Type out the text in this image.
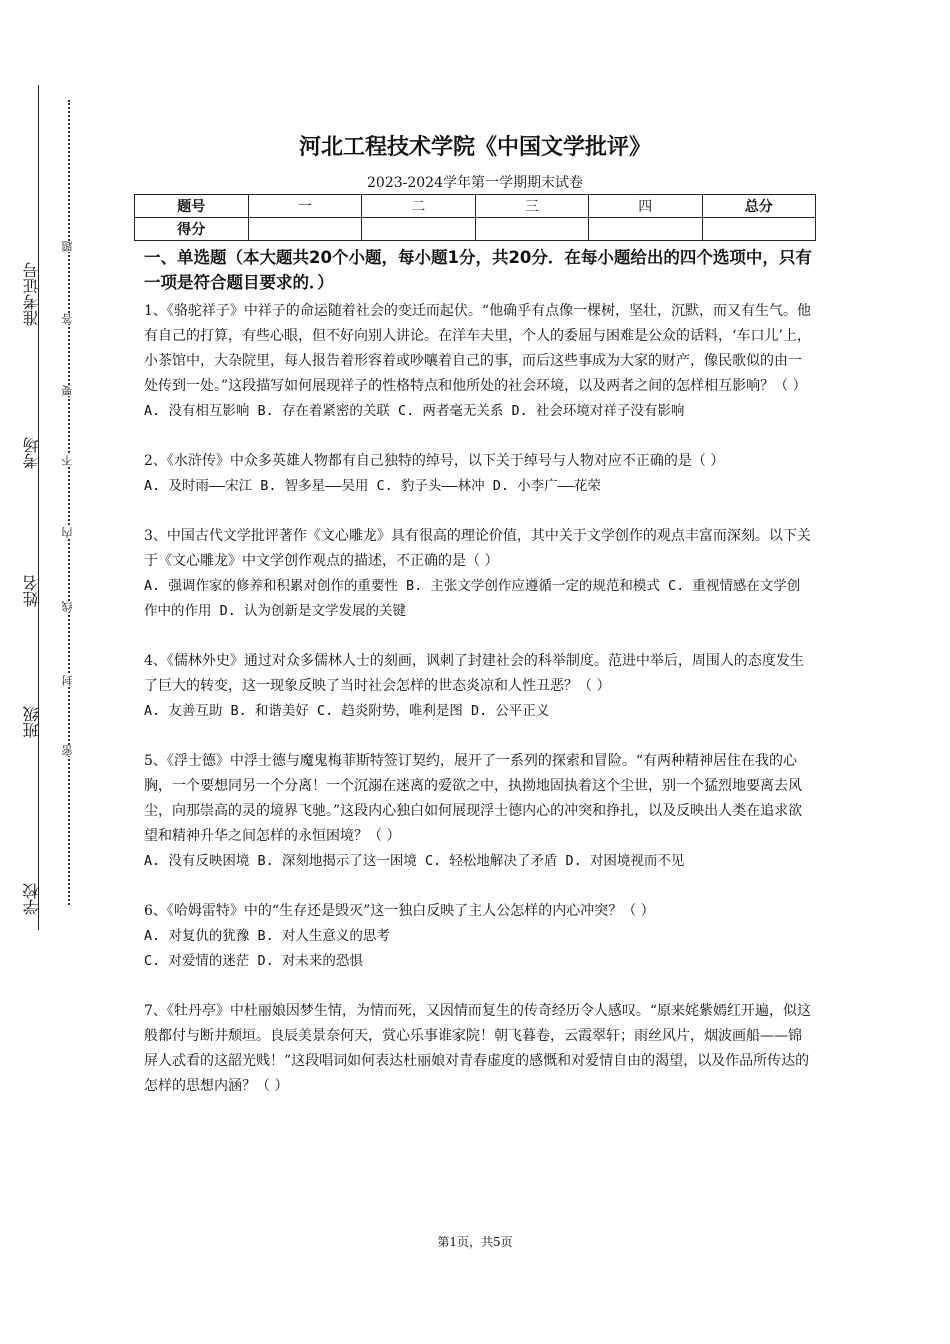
学校
班级
姓名
考场
准考证号
密
封
线
内
不
要
答
题
河北工程技术学院《中国文学批评》
2023-2024学年第一学期期末试卷
题号	一	二	三	四	总分
得分					
一、单选题（本大题共20个小题，每小题1分，共20分．在每小题给出的四个选项中，只有一项是符合题目要求的．）
1、《骆驼祥子》中祥子的命运随着社会的变迁而起伏。“他确乎有点像一棵树，坚壮，沉默，而又有生气。他有自己的打算，有些心眼，但不好向别人讲论。在洋车夫里，个人的委屈与困难是公众的话料，‘车口儿’上，小茶馆中，大杂院里，每人报告着形容着或吵嚷着自己的事，而后这些事成为大家的财产，像民歌似的由一处传到一处。”这段描写如何展现祥子的性格特点和他所处的社会环境，以及两者之间的怎样相互影响？（ ）
A. 没有相互影响 B. 存在着紧密的关联 C. 两者毫无关系 D. 社会环境对祥子没有影响
2、《水浒传》中众多英雄人物都有自己独特的绰号，以下关于绰号与人物对应不正确的是（ ）
A. 及时雨——宋江 B. 智多星——吴用 C. 豹子头——林冲 D. 小李广——花荣
3、中国古代文学批评著作《文心雕龙》具有很高的理论价值，其中关于文学创作的观点丰富而深刻。以下关于《文心雕龙》中文学创作观点的描述，不正确的是（ ）
A. 强调作家的修养和积累对创作的重要性 B. 主张文学创作应遵循一定的规范和模式 C. 重视情感在文学创作中的作用 D. 认为创新是文学发展的关键
4、《儒林外史》通过对众多儒林人士的刻画，讽刺了封建社会的科举制度。范进中举后，周围人的态度发生了巨大的转变，这一现象反映了当时社会怎样的世态炎凉和人性丑恶？（ ）
A. 友善互助 B. 和谐美好 C. 趋炎附势，唯利是图 D. 公平正义
5、《浮士德》中浮士德与魔鬼梅菲斯特签订契约，展开了一系列的探索和冒险。“有两种精神居住在我的心胸，一个要想同另一个分离！一个沉溺在迷离的爱欲之中，执拗地固执着这个尘世，别一个猛烈地要离去风尘，向那崇高的灵的境界飞驰。”这段内心独白如何展现浮士德内心的冲突和挣扎，以及反映出人类在追求欲望和精神升华之间怎样的永恒困境？（ ）
A. 没有反映困境 B. 深刻地揭示了这一困境 C. 轻松地解决了矛盾 D. 对困境视而不见
6、《哈姆雷特》中的“生存还是毁灭”这一独白反映了主人公怎样的内心冲突？（ ）
A. 对复仇的犹豫 B. 对人生意义的思考
C. 对爱情的迷茫 D. 对未来的恐惧
7、《牡丹亭》中杜丽娘因梦生情，为情而死，又因情而复生的传奇经历令人感叹。“原来姹紫嫣红开遍，似这般都付与断井颓垣。良辰美景奈何天，赏心乐事谁家院！朝飞暮卷，云霞翠轩；雨丝风片，烟波画船——锦屏人忒看的这韶光贱！”这段唱词如何表达杜丽娘对青春虚度的感慨和对爱情自由的渴望，以及作品所传达的怎样的思想内涵？（ ）
第1页，共5页
